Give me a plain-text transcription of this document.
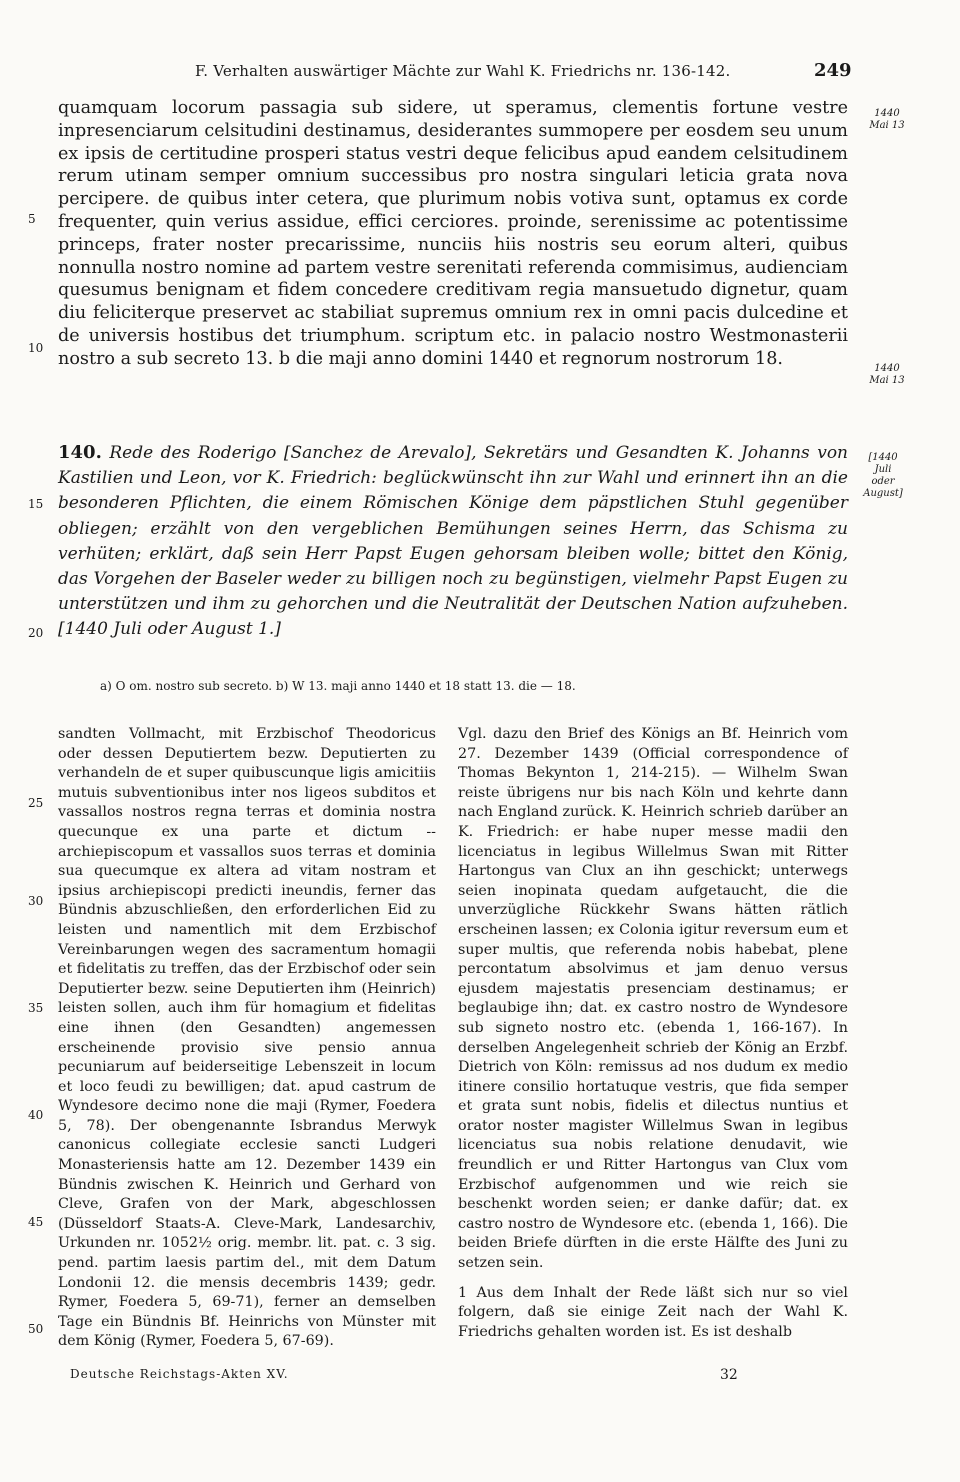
F. Verhalten auswärtiger Mächte zur Wahl K. Friedrichs nr. 136-142.	249
quamquam locorum passagia sub sidere, ut speramus, clementis fortune vestre inpresenciarum celsitudini destinamus, desiderantes summopere per eosdem seu unum ex ipsis de certitudine prosperi status vestri deque felicibus apud eandem celsitudinem rerum utinam semper omnium successibus pro nostra singulari leticia grata nova percipere. de quibus inter cetera, que plurimum nobis votiva sunt, optamus ex corde frequenter, quin verius assidue, effici cerciores. proinde, serenissime ac potentissime princeps, frater noster precarissime, nunciis hiis nostris seu eorum alteri, quibus nonnulla nostro nomine ad partem vestre serenitati referenda commisimus, audienciam quesumus benignam et fidem concedere creditivam regia mansuetudo dignetur, quam diu feliciterque preservet ac stabiliat supremus omnium rex in omni pacis dulcedine et de universis hostibus det triumphum. scriptum etc. in palacio nostro Westmonasterii nostro a sub secreto 13. b die maji anno domini 1440 et regnorum nostrorum 18.
5
10
15
20
25
30
35
40
45
50
1440
Mai 13
1440
Mai 13
[1440
Juli
oder
August]
140. Rede des Roderigo [Sanchez de Arevalo], Sekretärs und Gesandten K. Johanns von Kastilien und Leon, vor K. Friedrich: beglückwünscht ihn zur Wahl und erinnert ihn an die besonderen Pflichten, die einem Römischen Könige dem päpstlichen Stuhl gegenüber obliegen; erzählt von den vergeblichen Bemühungen seines Herrn, das Schisma zu verhüten; erklärt, daß sein Herr Papst Eugen gehorsam bleiben wolle; bittet den König, das Vorgehen der Baseler weder zu billigen noch zu begünstigen, vielmehr Papst Eugen zu unterstützen und ihm zu gehorchen und die Neutralität der Deutschen Nation aufzuheben. [1440 Juli oder August 1.]
a) O om. nostro sub secreto. b) W 13. maji anno 1440 et 18 statt 13. die — 18.
sandten Vollmacht, mit Erzbischof Theodoricus oder dessen Deputiertem bezw. Deputierten zu verhandeln de et super quibuscunque ligis amicitiis mutuis subventionibus inter nos ligeos subditos et vassallos nostros regna terras et dominia nostra quecunque ex una parte et dictum -- archiepiscopum et vassallos suos terras et dominia sua quecumque ex altera ad vitam nostram et ipsius archiepiscopi predicti ineundis, ferner das Bündnis abzuschließen, den erforderlichen Eid zu leisten und namentlich mit dem Erzbischof Vereinbarungen wegen des sacramentum homagii et fidelitatis zu treffen, das der Erzbischof oder sein Deputierter bezw. seine Deputierten ihm (Heinrich) leisten sollen, auch ihm für homagium et fidelitas eine ihnen (den Gesandten) angemessen erscheinende provisio sive pensio annua pecuniarum auf beiderseitige Lebenszeit in locum et loco feudi zu bewilligen; dat. apud castrum de Wyndesore decimo none die maji (Rymer, Foedera 5, 78). Der obengenannte Isbrandus Merwyk canonicus collegiate ecclesie sancti Ludgeri Monasteriensis hatte am 12. Dezember 1439 ein Bündnis zwischen K. Heinrich und Gerhard von Cleve, Grafen von der Mark, abgeschlossen (Düsseldorf Staats-A. Cleve-Mark, Landesarchiv, Urkunden nr. 1052½ orig. membr. lit. pat. c. 3 sig. pend. partim laesis partim del., mit dem Datum Londonii 12. die mensis decembris 1439; gedr. Rymer, Foedera 5, 69-71), ferner an demselben Tage ein Bündnis Bf. Heinrichs von Münster mit dem König (Rymer, Foedera 5, 67-69).
Vgl. dazu den Brief des Königs an Bf. Heinrich vom 27. Dezember 1439 (Official correspondence of Thomas Bekynton 1, 214-215). — Wilhelm Swan reiste übrigens nur bis nach Köln und kehrte dann nach England zurück. K. Heinrich schrieb darüber an K. Friedrich: er habe nuper messe madii den licenciatus in legibus Willelmus Swan mit Ritter Hartongus van Clux an ihn geschickt; unterwegs seien inopinata quedam aufgetaucht, die die unverzügliche Rückkehr Swans hätten rätlich erscheinen lassen; ex Colonia igitur reversum eum et super multis, que referenda nobis habebat, plene percontatum absolvimus et jam denuo versus ejusdem majestatis presenciam destinamus; er beglaubige ihn; dat. ex castro nostro de Wyndesore sub signeto nostro etc. (ebenda 1, 166-167). In derselben Angelegenheit schrieb der König an Erzbf. Dietrich von Köln: remissus ad nos dudum ex medio itinere consilio hortatuque vestris, que fida semper et grata sunt nobis, fidelis et dilectus nuntius et orator noster magister Willelmus Swan in legibus licenciatus sua nobis relatione denudavit, wie freundlich er und Ritter Hartongus van Clux vom Erzbischof aufgenommen und wie reich sie beschenkt worden seien; er danke dafür; dat. ex castro nostro de Wyndesore etc. (ebenda 1, 166). Die beiden Briefe dürften in die erste Hälfte des Juni zu setzen sein.
1 Aus dem Inhalt der Rede läßt sich nur so viel folgern, daß sie einige Zeit nach der Wahl K. Friedrichs gehalten worden ist. Es ist deshalb
Deutsche Reichstags-Akten XV.	32
